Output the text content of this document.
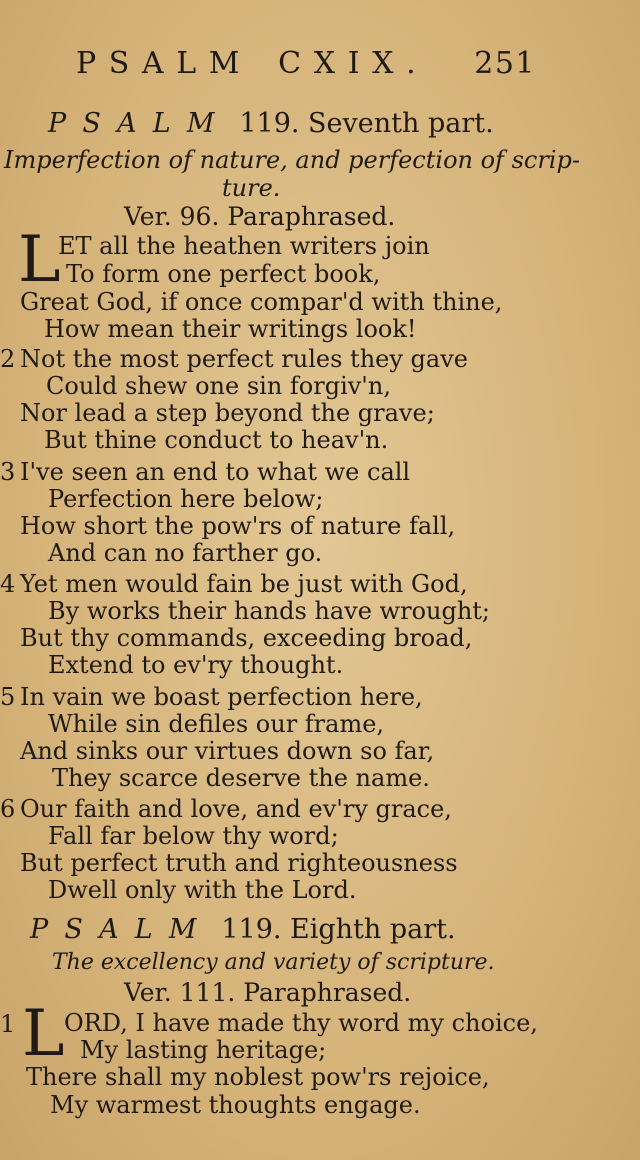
PSALM CXIX. 251
PSALM 119. Seventh part.
Imperfection of nature, and perfection of scrip-
ture.
Ver. 96. Paraphrased.
L
ET all the heathen writers join
To form one perfect book,
Great God, if once compar'd with thine,
How mean their writings look!
2 Not the most perfect rules they gave
Could shew one sin forgiv'n,
Nor lead a step beyond the grave;
But thine conduct to heav'n.
3 I've seen an end to what we call
Perfection here below;
How short the pow'rs of nature fall,
And can no farther go.
4 Yet men would fain be just with God,
By works their hands have wrought;
But thy commands, exceeding broad,
Extend to ev'ry thought.
5 In vain we boast perfection here,
While sin defiles our frame,
And sinks our virtues down so far,
They scarce deserve the name.
6 Our faith and love, and ev'ry grace,
Fall far below thy word;
But perfect truth and righteousness
Dwell only with the Lord.
PSALM 119. Eighth part.
The excellency and variety of scripture.
Ver. 111. Paraphrased.
1 L ORD, I have made thy word my choice,
My lasting heritage;
There shall my noblest pow'rs rejoice,
My warmest thoughts engage.
